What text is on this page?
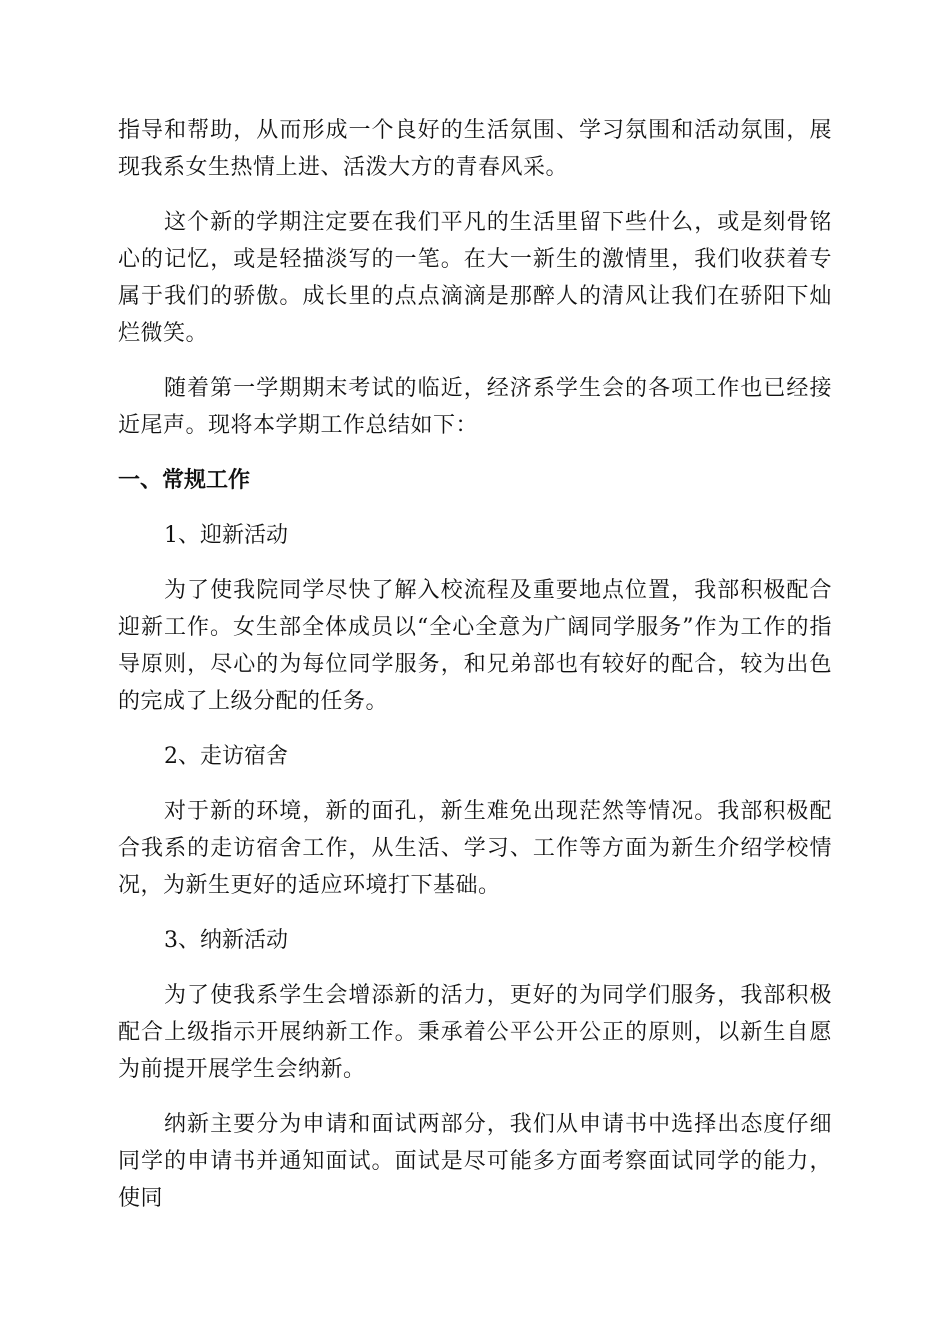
指导和帮助，从而形成一个良好的生活氛围、学习氛围和活动氛围，展现我系女生热情上进、活泼大方的青春风采。

这个新的学期注定要在我们平凡的生活里留下些什么，或是刻骨铭心的记忆，或是轻描淡写的一笔。在大一新生的激情里，我们收获着专属于我们的骄傲。成长里的点点滴滴是那醉人的清风让我们在骄阳下灿烂微笑。

随着第一学期期末考试的临近，经济系学生会的各项工作也已经接近尾声。现将本学期工作总结如下：

一、常规工作

1、迎新活动

为了使我院同学尽快了解入校流程及重要地点位置，我部积极配合迎新工作。女生部全体成员以“全心全意为广阔同学服务”作为工作的指导原则，尽心的为每位同学服务，和兄弟部也有较好的配合，较为出色的完成了上级分配的任务。

2、走访宿舍

对于新的环境，新的面孔，新生难免出现茫然等情况。我部积极配合我系的走访宿舍工作，从生活、学习、工作等方面为新生介绍学校情况，为新生更好的适应环境打下基础。

3、纳新活动

为了使我系学生会增添新的活力，更好的为同学们服务，我部积极配合上级指示开展纳新工作。秉承着公平公开公正的原则，以新生自愿为前提开展学生会纳新。

纳新主要分为申请和面试两部分，我们从申请书中选择出态度仔细同学的申请书并通知面试。面试是尽可能多方面考察面试同学的能力，使同
